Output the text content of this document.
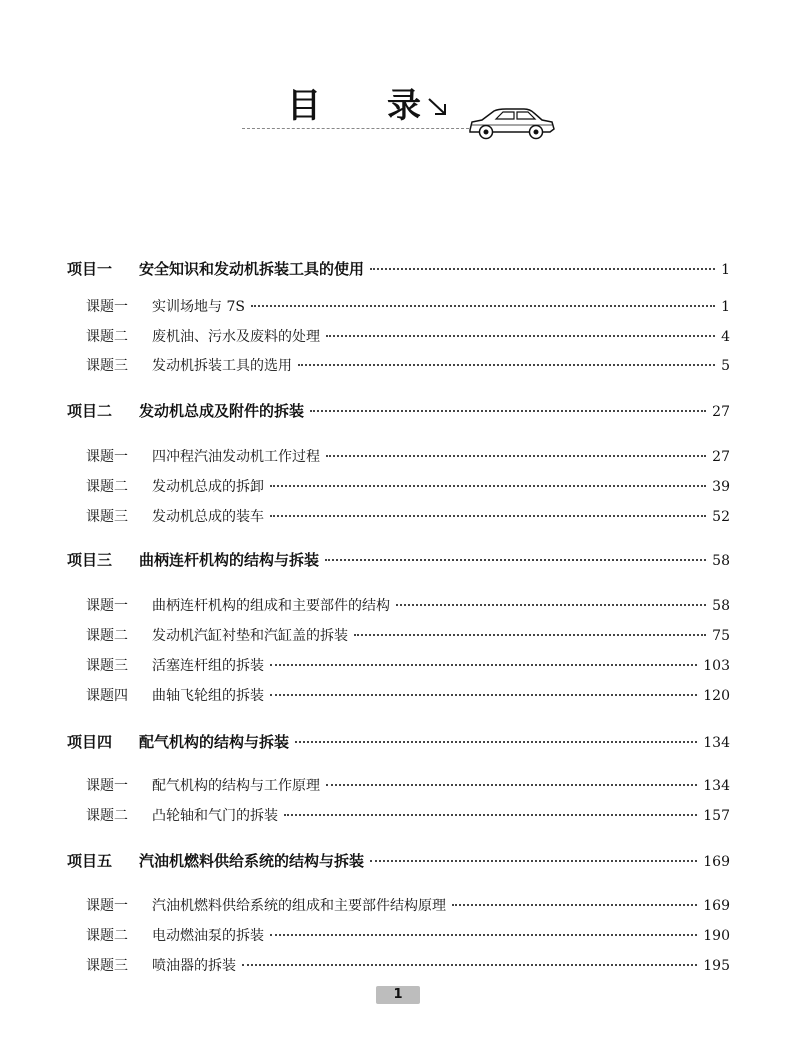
目 录
项目一	安全知识和发动机拆装工具的使用	1
课题一	实训场地与 7S	1
课题二	废机油、污水及废料的处理	4
课题三	发动机拆装工具的选用	5
项目二	发动机总成及附件的拆装	27
课题一	四冲程汽油发动机工作过程	27
课题二	发动机总成的拆卸	39
课题三	发动机总成的装车	52
项目三	曲柄连杆机构的结构与拆装	58
课题一	曲柄连杆机构的组成和主要部件的结构	58
课题二	发动机汽缸衬垫和汽缸盖的拆装	75
课题三	活塞连杆组的拆装	103
课题四	曲轴飞轮组的拆装	120
项目四	配气机构的结构与拆装	134
课题一	配气机构的结构与工作原理	134
课题二	凸轮轴和气门的拆装	157
项目五	汽油机燃料供给系统的结构与拆装	169
课题一	汽油机燃料供给系统的组成和主要部件结构原理	169
课题二	电动燃油泵的拆装	190
课题三	喷油器的拆装	195
1
